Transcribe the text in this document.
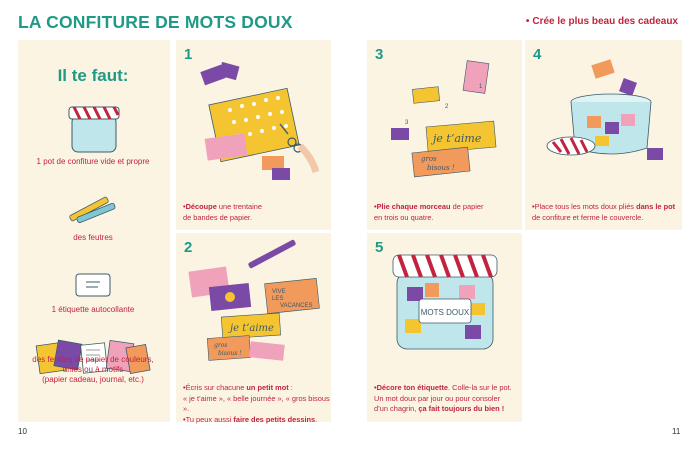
LA CONFITURE DE MOTS DOUX	• Crée le plus beau des cadeaux
Il te faut:
1 pot de confiture vide et propre
des feutres
1 étiquette autocollante
des feuilles de papier de couleurs,
unies ou à motifs
(papier cadeau, journal, etc.)
1
•Découpe une trentaine
de bandes de papier.
2
VIVE
LES
VACANCES
je t’aime
gros
bisous !
•Écris sur chacune un petit mot :
« je t’aime », « belle journée », « gros bisous ».
•Tu peux aussi faire des petits dessins.
3
1
2
3
je t’aime
gros
bisous !
•Plie chaque morceau de papier
en trois ou quatre.
4
•Place tous les mots doux pliés dans le pot
de confiture et ferme le couvercle.
5
MOTS DOUX
•Décore ton étiquette. Colle-la sur le pot.
Un mot doux par jour ou pour consoler
d’un chagrin, ça fait toujours du bien !
10	11
